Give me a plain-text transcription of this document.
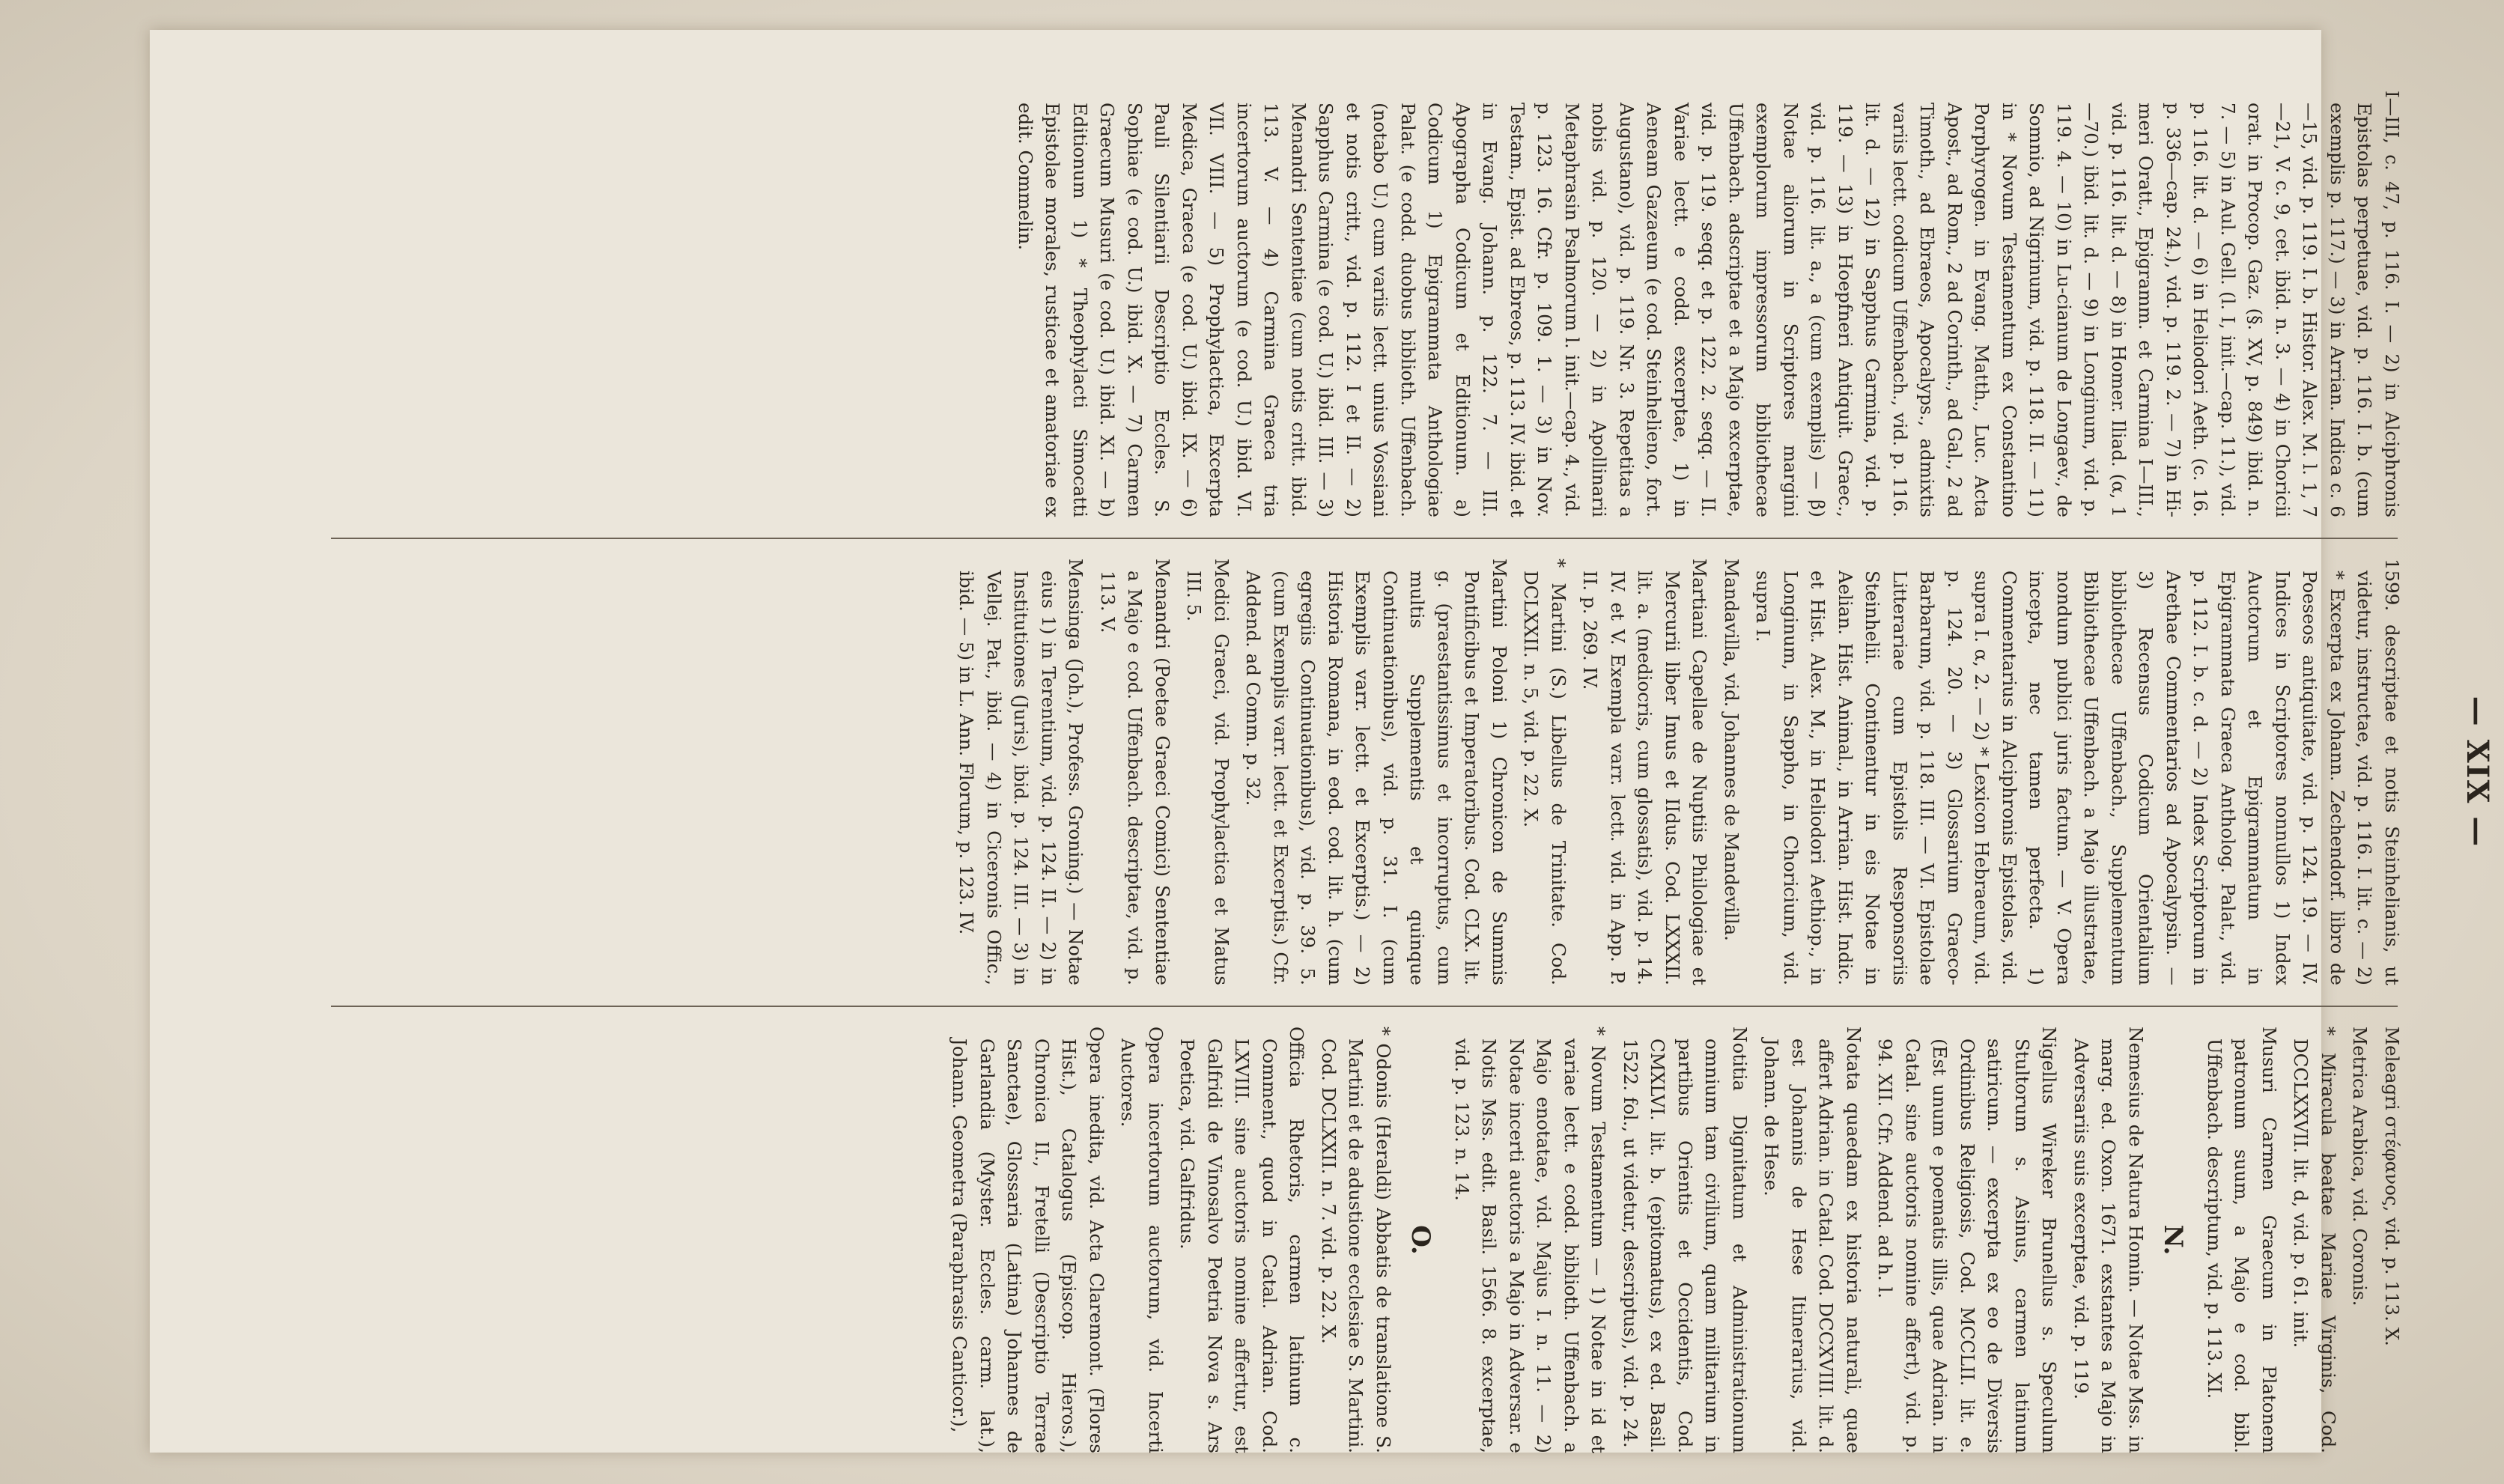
— XIX —

I—III, c. 47, p. 116. I. — 2) in Alciphronis Epistolas perpetuae, vid. p. 116. I. b. (cum exemplis p. 117.) — 3) in Arrian. Indica c. 6—15, vid. p. 119. I. b. Histor. Alex. M. l. 1, 7—21, V. c. 9, cet. ibid. n. 3. — 4) in Choricii orat. in Procop. Gaz. (§. XV, p. 849) ibid. n. 7. — 5) in Aul. Gell. (l. I, init.—cap. 11.), vid. p. 116. lit. d. — 6) in Heliodori Aeth. (c. 16. p. 336—cap. 24.), vid. p. 119. 2. — 7) in Hi-meri Oratt., Epigramm. et Carmina I—III., vid. p. 116. lit. d. — 8) in Homer. Iliad. (α, 1—70.) ibid. lit. d. — 9) in Longinum, vid. p. 119. 4. — 10) in Lu-cianum de Longaev., de Somnio, ad Nigrinum, vid. p. 118. II. — 11) in * Novum Testamentum ex Constantino Porphyrogen. in Evang. Matth., Luc. Acta Apost., ad Rom., 2 ad Corinth., ad Gal., 2 ad Timoth., ad Ebraeos, Apocalyps., admixtis variis lectt. codicum Uffenbach., vid. p. 116. lit. d. — 12) in Sapphus Carmina, vid. p. 119. — 13) in Hoepfneri Antiquit. Graec., vid. p. 116. lit. a., a (cum exemplis) — β) Notae aliorum in Scriptores margini exemplorum impressorum bibliothecae Uffenbach. adscriptae et a Majo excerptae, vid. p. 119. seqq. et p. 122. 2. seqq. — II. Variae lectt. e codd. excerptae, 1) in Aeneam Gazaeum (e cod. Steinhelieno, fort. Augustano), vid. p. 119. Nr. 3. Repetitas a nobis vid. p. 120. — 2) in Apollinarii Metaphrasin Psalmorum l. init.—cap. 4., vid. p. 123. 16. Cfr. p. 109. 1. — 3) in Nov. Testam., Epist. ad Ebreos, p. 113. IV. ibid. et in Evang. Johann. p. 122. 7. — III. Apographa Codicum et Editionum. a) Codicum 1) Epigrammata Anthologiae Palat. (e codd. duobus biblioth. Uffenbach. (notabo U.) cum variis lectt. unius Vossiani et notis critt., vid. p. 112. I et II. — 2) Sapphus Carmina (e cod. U.) ibid. III. — 3) Menandri Sententiae (cum notis critt. ibid. 113. V. — 4) Carmina Graeca tria incertorum auctorum (e cod. U.) ibid. VI. VII. VIII. — 5) Prophylactica, Excerpta Medica, Graeca (e cod. U.) ibid. IX. — 6) Pauli Silentiarii Descriptio Eccles. S. Sophiae (e cod. U.) ibid. X. — 7) Carmen Graecum Musuri (e cod. U.) ibid. XI. — b) Editionum 1) * Theophylacti Simocatti Epistolae morales, rusticae et amatoriae ex edit. Commelin.

1599. descriptae et notis Steinhelianis, ut videtur, instructae, vid. p. 116. I. lit. c. — 2) * Excerpta ex Johann. Zechendorf. libro de Poeseos antiquitate, vid. p. 124. 19. — IV. Indices in Scriptores nonnullos 1) Index Auctorum et Epigrammatum in Epigrammata Graeca Antholog. Palat., vid. p. 112. I. b. c. d. — 2) Index Scriptorum in Arethae Commentarios ad Apocalypsin. — 3) Recensus Codicum Orientalium bibliothecae Uffenbach., Supplementum Bibliothecae Uffenbach. a Majo illustratae, nondum publici juris factum. — V. Opera incepta, nec tamen perfecta. 1) Commentarius in Alciphronis Epistolas, vid. supra I. α, 2. — 2) * Lexicon Hebraeum, vid. p. 124. 20. — 3) Glossarium Graeco-Barbarum, vid. p. 118. III. — VI. Epistolae Litterariae cum Epistolis Responsoriis Steinhelii. Continentur in eis Notae in Aelian. Hist. Animal., in Arrian. Hist. Indic. et Hist. Alex. M., in Heliodori Aethiop., in Longinum, in Sappho, in Choricium, vid. supra I.

Mandavilla, vid. Johannes de Mandevilla.

Martiani Capellae de Nuptiis Philologiae et Mercurii liber Imus et IIdus. Cod. LXXXII. lit. a. (mediocris, cum glossatis), vid. p. 14. IV. et V. Exempla varr. lectt. vid. in App. P. II. p. 269. IV.

* Martini (S.) Libellus de Trinitate. Cod. DCLXXII. n. 5, vid. p. 22. X.

Martini Poloni 1) Chronicon de Summis Pontificibus et Imperatoribus. Cod. CLX. lit. g. (praestantissimus et incorruptus, cum multis Supplementis et quinque Continuationibus), vid. p. 31. I. (cum Exemplis varr. lectt. et Excerptis.) — 2) Historia Romana, in eod. cod. lit. h. (cum egregiis Continuationibus), vid. p. 39. 5. (cum Exemplis varr. lectt. et Excerptis.) Cfr. Addend. ad Comm. p. 32.

Medici Graeci, vid. Prophylactica et Matus III. 5.

Menandri (Poetae Graeci Comici) Sententiae a Majo e cod. Uffenbach. descriptae, vid. p. 113. V.

Mensinga (Joh.), Profess. Groning.) — Notae eius 1) in Terentium, vid. p. 124. II. — 2) in Institutiones (Juris), ibid. p. 124. III. — 3) in Vellej. Pat., ibid. — 4) in Ciceronis Offic., ibid. — 5) in L. Ann. Florum, p. 123. IV.

Meleagri στέφανος, vid. p. 113. X.

Metrica Arabica, vid. Coronis.

* Miracula beatae Mariae Virginis, Cod. DCCLXXVII. lit. d, vid. p. 61. init.

Musuri Carmen Graecum in Platonem patronum suum, a Majo e cod. bibl. Uffenbach. descriptum, vid. p. 113. XI.

N.

Nemesius de Natura Homin. — Notae Mss. in marg. ed. Oxon. 1671. exstantes a Majo in Adversariis suis excerptae, vid. p. 119.

Nigellus Wireker Brunellus s. Speculum Stultorum s. Asinus, carmen latinum satiricum. — excerpta ex eo de Diversis Ordinibus Religiosis, Cod. MCCLII. lit. e. (Est unum e poematis illis, quae Adrian. in Catal. sine auctoris nomine affert), vid. p. 94. XII. Cfr. Addend. ad h. l.

Notata quaedam ex historia naturali, quae affert Adrian. in Catal. Cod. DCCXVIII. lit. d. est Johannis de Hese Itinerarius, vid. Johann. de Hese.

Notitia Dignitatum et Administrationum omnium tam civilium, quam militarium in partibus Orientis et Occidentis, Cod. CMXLVI. lit. b. (epitomatus), ex ed. Basil. 1522. fol., ut videtur, descriptus), vid. p. 24.

* Novum Testamentum — 1) Notae in id et variae lectt. e codd. biblioth. Uffenbach. a Majo enotatae, vid. Majus I. n. 11. — 2) Notae incerti auctoris a Majo in Adversar. e Notis Mss. edit. Basil. 1566. 8. excerptae, vid. p. 123. n. 14.

O.

* Odonis (Heraldi) Abbatis de translatione S. Martini et de adustione ecclesiae S. Martini. Cod. DCLXXII. n. 7. vid. p. 22. X.

Officia Rhetoris, carmen latinum c. Comment., quod in Catal. Adrian. Cod. LXVIII. sine auctoris nomine affertur, est Galfridi de Vinosalvo Poetria Nova s. Ars Poetica, vid. Galfridus.

Opera incertorum auctorum, vid. Incerti Auctores.

Opera inedita, vid. Acta Claremont. (Flores Hist.), Catalogus (Episcop. Hieros.), Chronica II., Fretelli (Descriptio Terrae Sanctae), Glossaria (Latina) Johannes de Garlandia (Myster. Eccles. carm. lat.), Johann. Geometra (Paraphrasis Canticor.),
